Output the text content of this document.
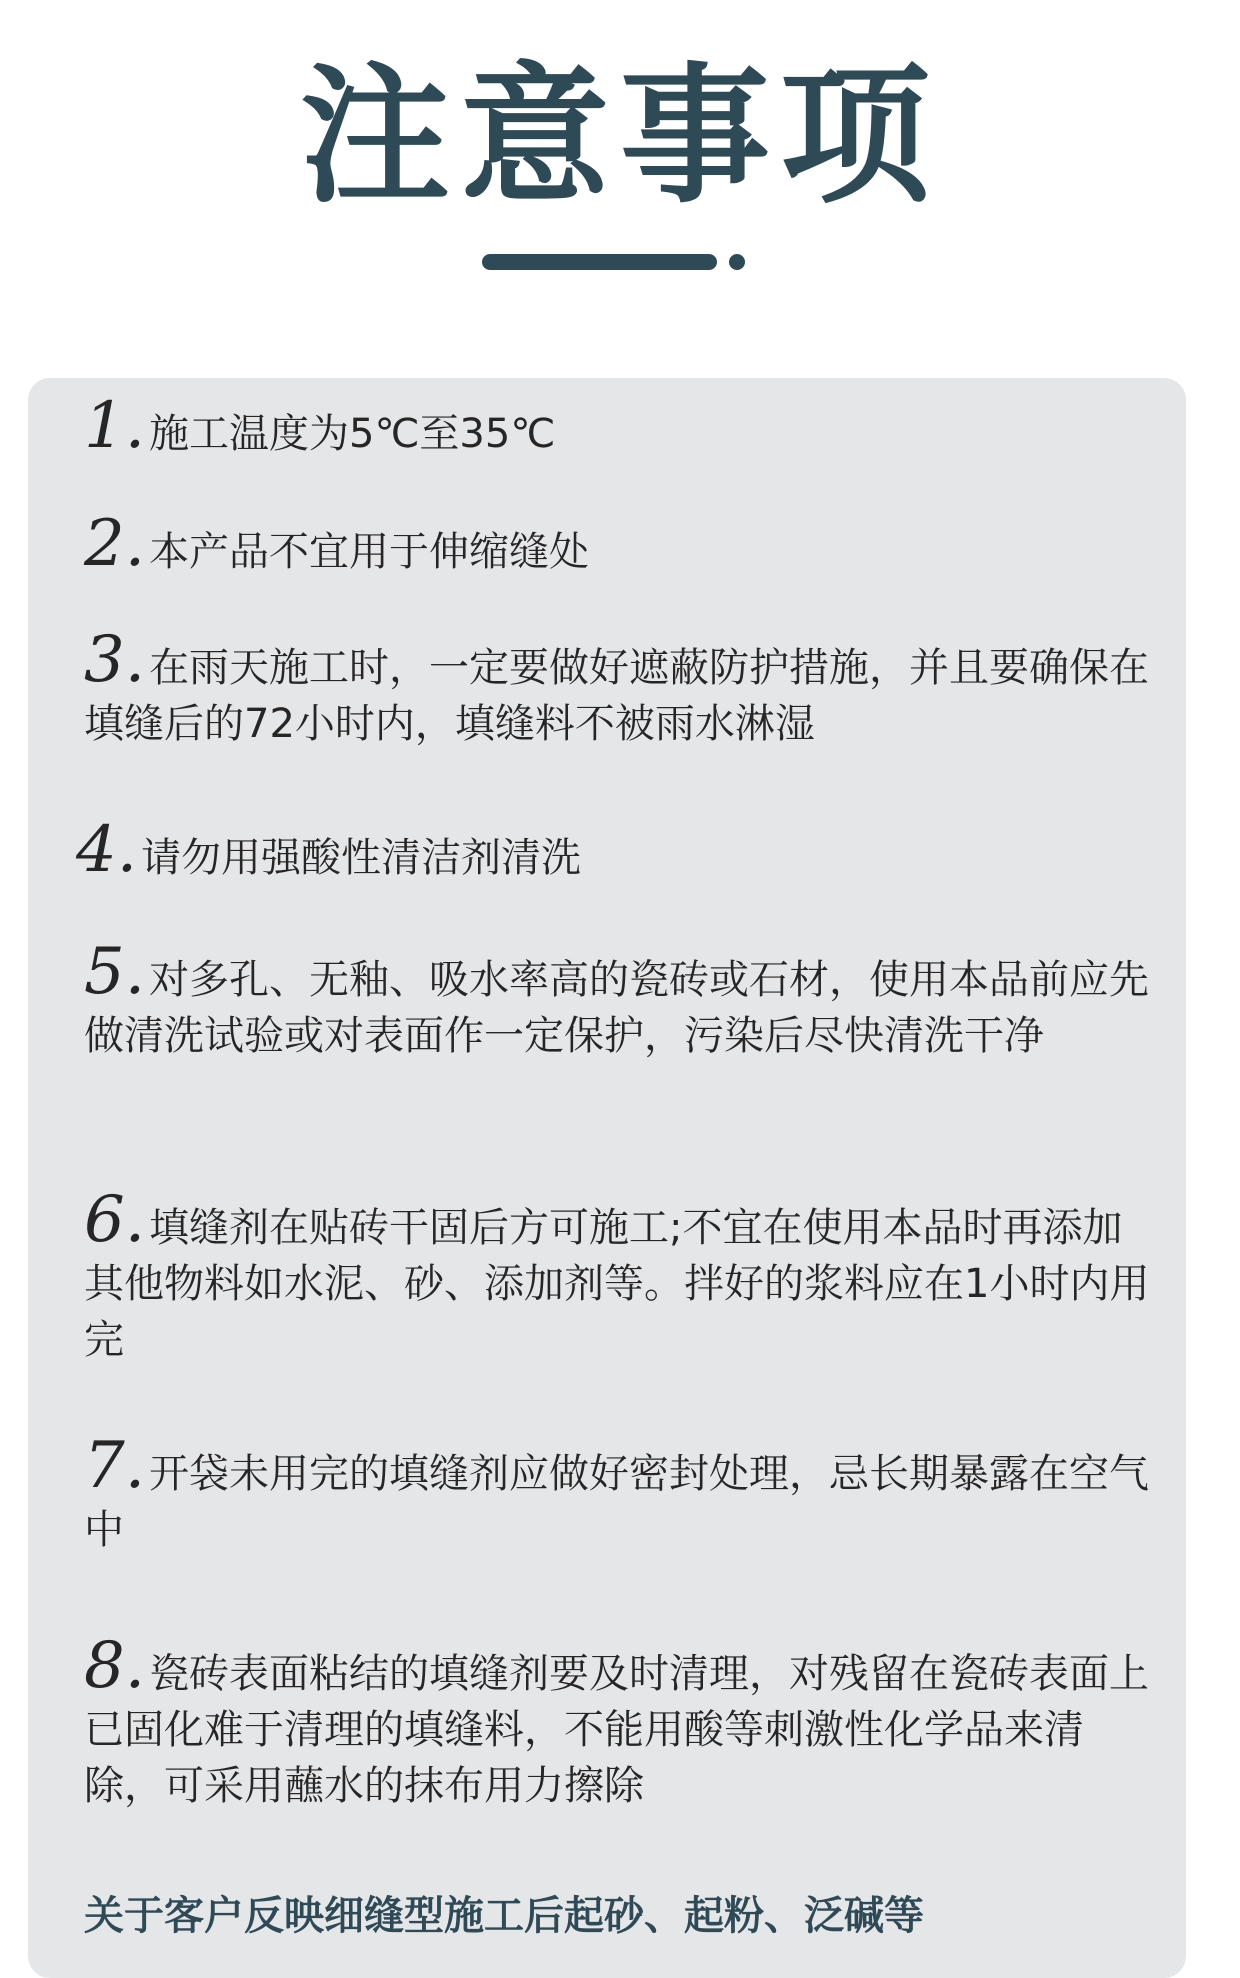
注意事项
1. 施工温度为5℃至35℃
2. 本产品不宜用于伸缩缝处
3. 在雨天施工时，一定要做好遮蔽防护措施，并且要确保在填缝后的72小时内，填缝料不被雨水淋湿
4. 请勿用强酸性清洁剂清洗
5. 对多孔、无釉、吸水率高的瓷砖或石材，使用本品前应先做清洗试验或对表面作一定保护，污染后尽快清洗干净
6. 填缝剂在贴砖干固后方可施工;不宜在使用本品时再添加其他物料如水泥、砂、添加剂等。拌好的浆料应在1小时内用完
7. 开袋未用完的填缝剂应做好密封处理，忌长期暴露在空气中
8. 瓷砖表面粘结的填缝剂要及时清理，对残留在瓷砖表面上已固化难于清理的填缝料，不能用酸等刺激性化学品来清除，可采用蘸水的抹布用力擦除
关于客户反映细缝型施工后起砂、起粉、泛碱等
